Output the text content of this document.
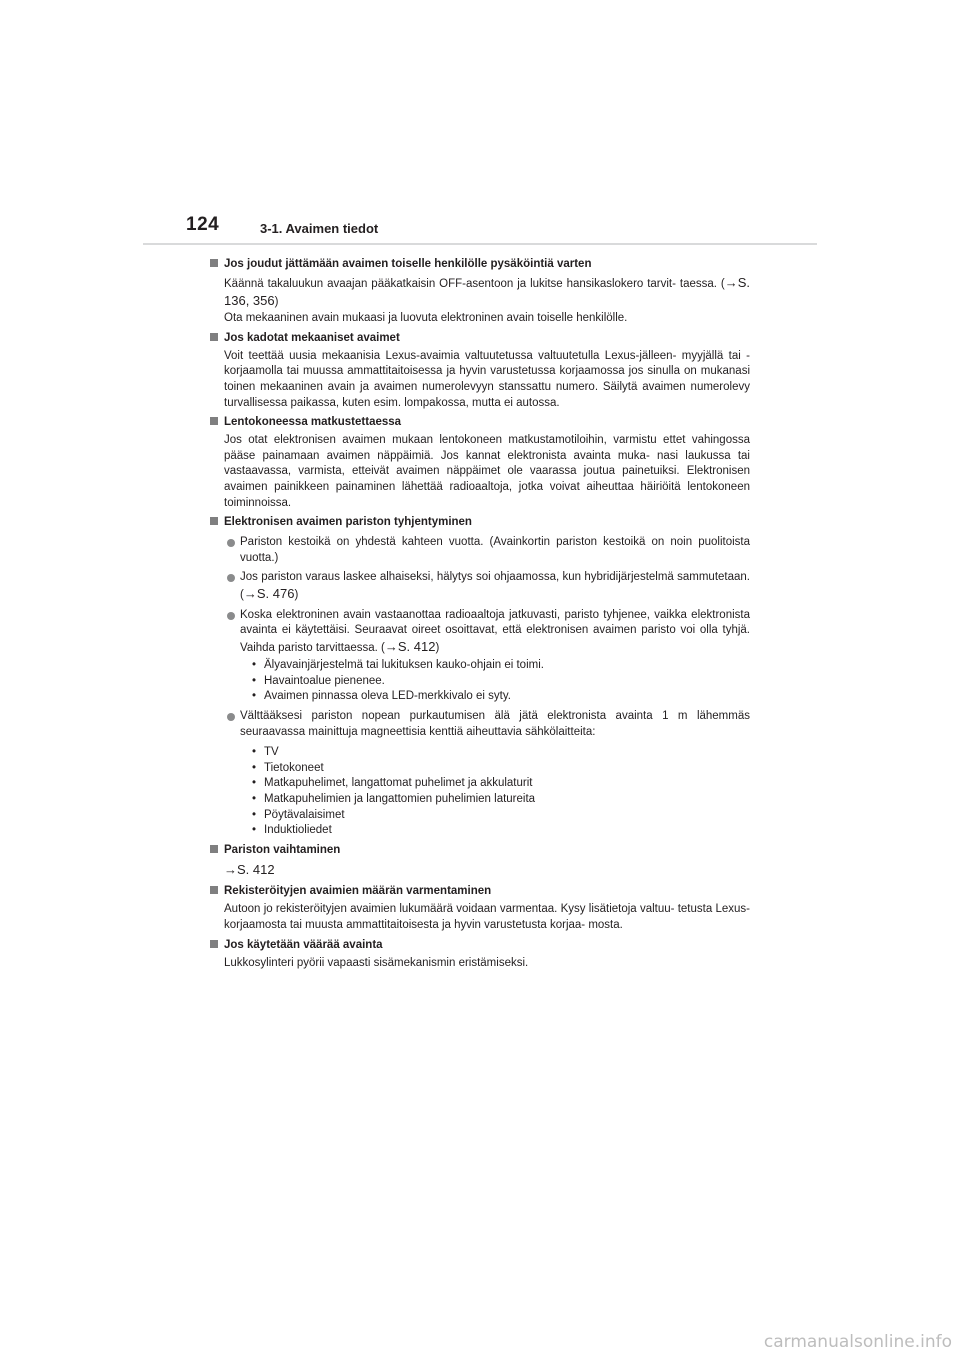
124	3-1. Avaimen tiedot
Jos joudut jättämään avaimen toiselle henkilölle pysäköintiä varten

Käännä takaluukun avaajan pääkatkaisin OFF-asentoon ja lukitse hansikaslokero tarvit- taessa. (→S. 136, 356)

Ota mekaaninen avain mukaasi ja luovuta elektroninen avain toiselle henkilölle.

Jos kadotat mekaaniset avaimet

Voit teettää uusia mekaanisia Lexus-avaimia valtuutetussa valtuutetulla Lexus-jälleen- myyjällä tai -korjaamolla tai muussa ammattitaitoisessa ja hyvin varustetussa korjaamossa jos sinulla on mukanasi toinen mekaaninen avain ja avaimen numerolevyyn stanssattu numero. Säilytä avaimen numerolevy turvallisessa paikassa, kuten esim. lompakossa, mutta ei autossa.

Lentokoneessa matkustettaessa

Jos otat elektronisen avaimen mukaan lentokoneen matkustamotiloihin, varmistu ettet vahingossa pääse painamaan avaimen näppäimiä. Jos kannat elektronista avainta muka- nasi laukussa tai vastaavassa, varmista, etteivät avaimen näppäimet ole vaarassa joutua painetuiksi. Elektronisen avaimen painikkeen painaminen lähettää radioaaltoja, jotka voivat aiheuttaa häiriöitä lentokoneen toiminnoissa.

Elektronisen avaimen pariston tyhjentyminen
Pariston kestoikä on yhdestä kahteen vuotta. (Avainkortin pariston kestoikä on noin puolitoista vuotta.)
Jos pariston varaus laskee alhaiseksi, hälytys soi ohjaamossa, kun hybridijärjestelmä sammutetaan. (→S. 476)
Koska elektroninen avain vastaanottaa radioaaltoja jatkuvasti, paristo tyhjenee, vaikka elektronista avainta ei käytettäisi. Seuraavat oireet osoittavat, että elektronisen avaimen paristo voi olla tyhjä. Vaihda paristo tarvittaessa. (→S. 412)
• Älyavainjärjestelmä tai lukituksen kauko-ohjain ei toimi.
• Havaintoalue pienenee.
• Avaimen pinnassa oleva LED-merkkivalo ei syty.
Välttääksesi pariston nopean purkautumisen älä jätä elektronista avainta 1 m lähemmäs seuraavassa mainittuja magneettisia kenttiä aiheuttavia sähkölaitteita:
• TV
• Tietokoneet
• Matkapuhelimet, langattomat puhelimet ja akkulaturit
• Matkapuhelimien ja langattomien puhelimien latureita
• Pöytävalaisimet
• Induktioliedet
Pariston vaihtaminen

→S. 412

Rekisteröityjen avaimien määrän varmentaminen

Autoon jo rekisteröityjen avaimien lukumäärä voidaan varmentaa. Kysy lisätietoja valtuu- tetusta Lexus-korjaamosta tai muusta ammattitaitoisesta ja hyvin varustetusta korjaa- mosta.

Jos käytetään väärää avainta

Lukkosylinteri pyörii vapaasti sisämekanismin eristämiseksi.

carmanualsonline.info
